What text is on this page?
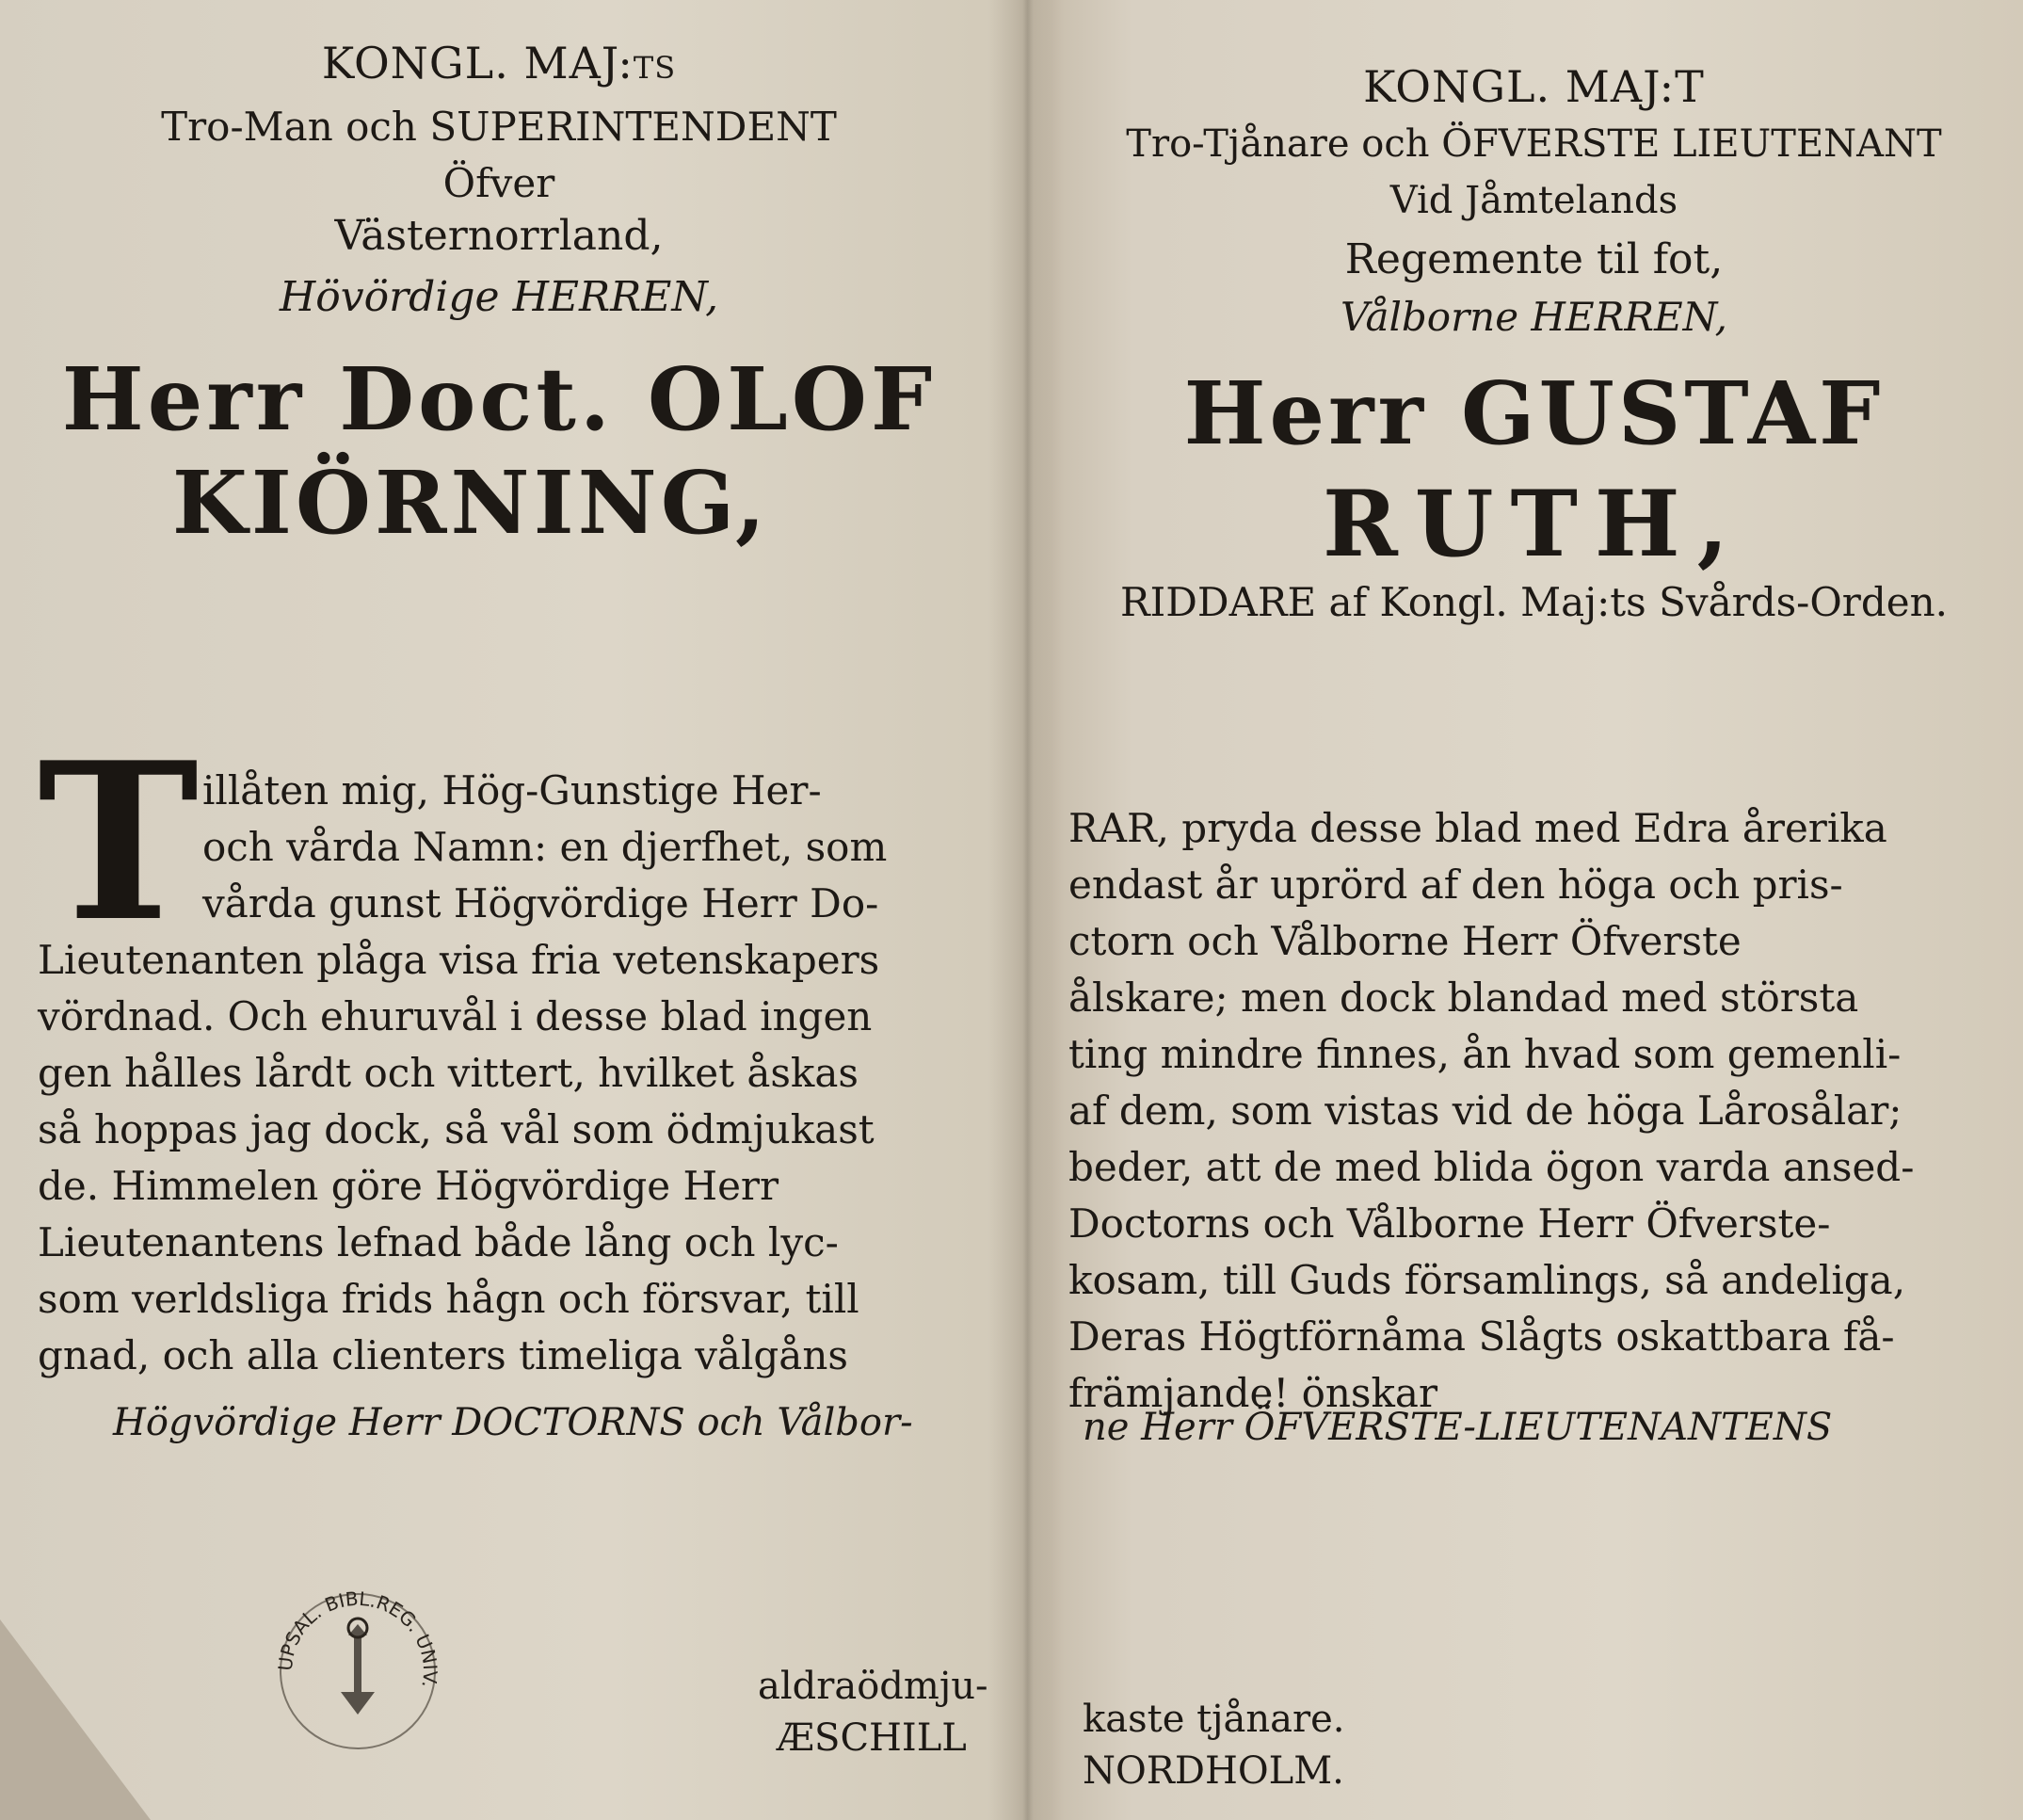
KONGL. MAJ:ts
Tro-Man och SUPERINTENDENT
Öfver
Västernorrland,
Hövördige HERREN,
Herr Doct. OLOF
KIÖRNING,
T illåten mig, Hög-Gunstige Her-
och vårda Namn: en djerfhet, som
vårda gunst Högvördige Herr Do-
Lieutenanten plåga visa fria vetenskapers
vördnad. Och ehuruvål i desse blad ingen
gen hålles lårdt och vittert, hvilket åskas
så hoppas jag dock, så vål som ödmjukast
de. Himmelen göre Högvördige Herr
Lieutenantens lefnad både lång och lyc-
som verldsliga frids hågn och försvar, till
gnad, och alla clienters timeliga vålgåns
Högvördige Herr DOCTORNS och Vålbor-
UPSAL. BIBL.REG. UNIV.	aldraödmju-
ÆSCHILL
KONGL. MAJ:T
Tro-Tjånare och ÖFVERSTE LIEUTENANT
Vid Jåmtelands
Regemente til fot,
Vålborne HERREN,
Herr GUSTAF
RUTH,
RIDDARE af Kongl. Maj:ts Svårds-Orden.
RAR, pryda desse blad med Edra årerika
endast år uprörd af den höga och pris-
ctorn och Vålborne Herr Öfverste
ålskare; men dock blandad med största
ting mindre finnes, ån hvad som gemenli-
af dem, som vistas vid de höga Lårosålar;
beder, att de med blida ögon varda ansed-
Doctorns och Vålborne Herr Öfverste-
kosam, till Guds församlings, så andeliga,
Deras Högtförnåma Slågts oskattbara få-
främjande! önskar
ne Herr ÖFVERSTE-LIEUTENANTENS
kaste tjånare.
NORDHOLM.
